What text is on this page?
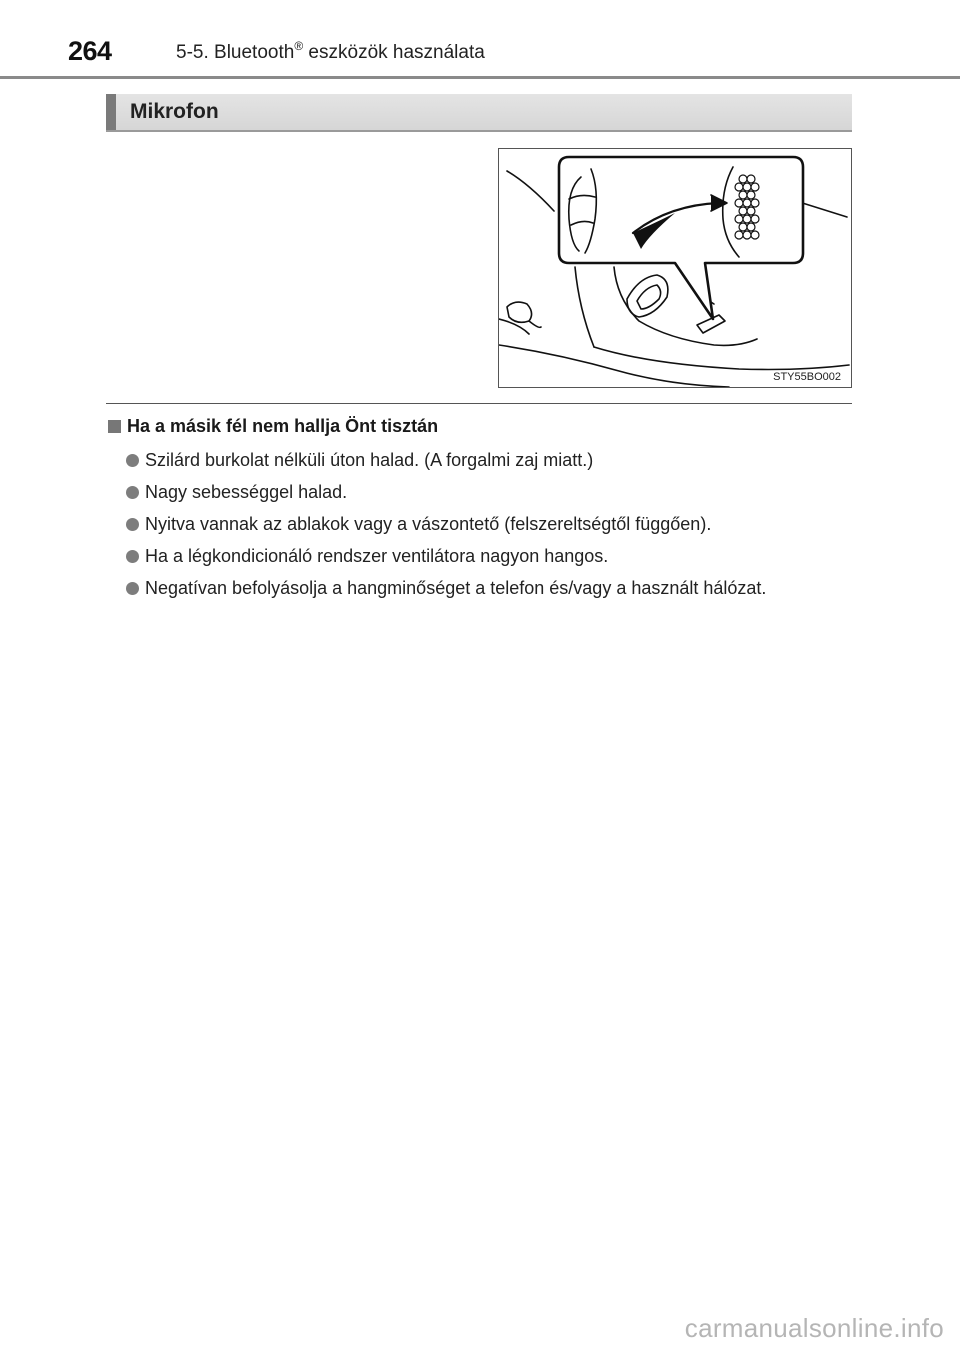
264	5-5. Bluetooth® eszközök használata
Mikrofon
STY55BO002
Ha a másik fél nem hallja Önt tisztán
Szilárd burkolat nélküli úton halad. (A forgalmi zaj miatt.)
Nagy sebességgel halad.
Nyitva vannak az ablakok vagy a vászontető (felszereltségtől függően).
Ha a légkondicionáló rendszer ventilátora nagyon hangos.
Negatívan befolyásolja a hangminőséget a telefon és/vagy a használt hálózat.
carmanualsonline.info
